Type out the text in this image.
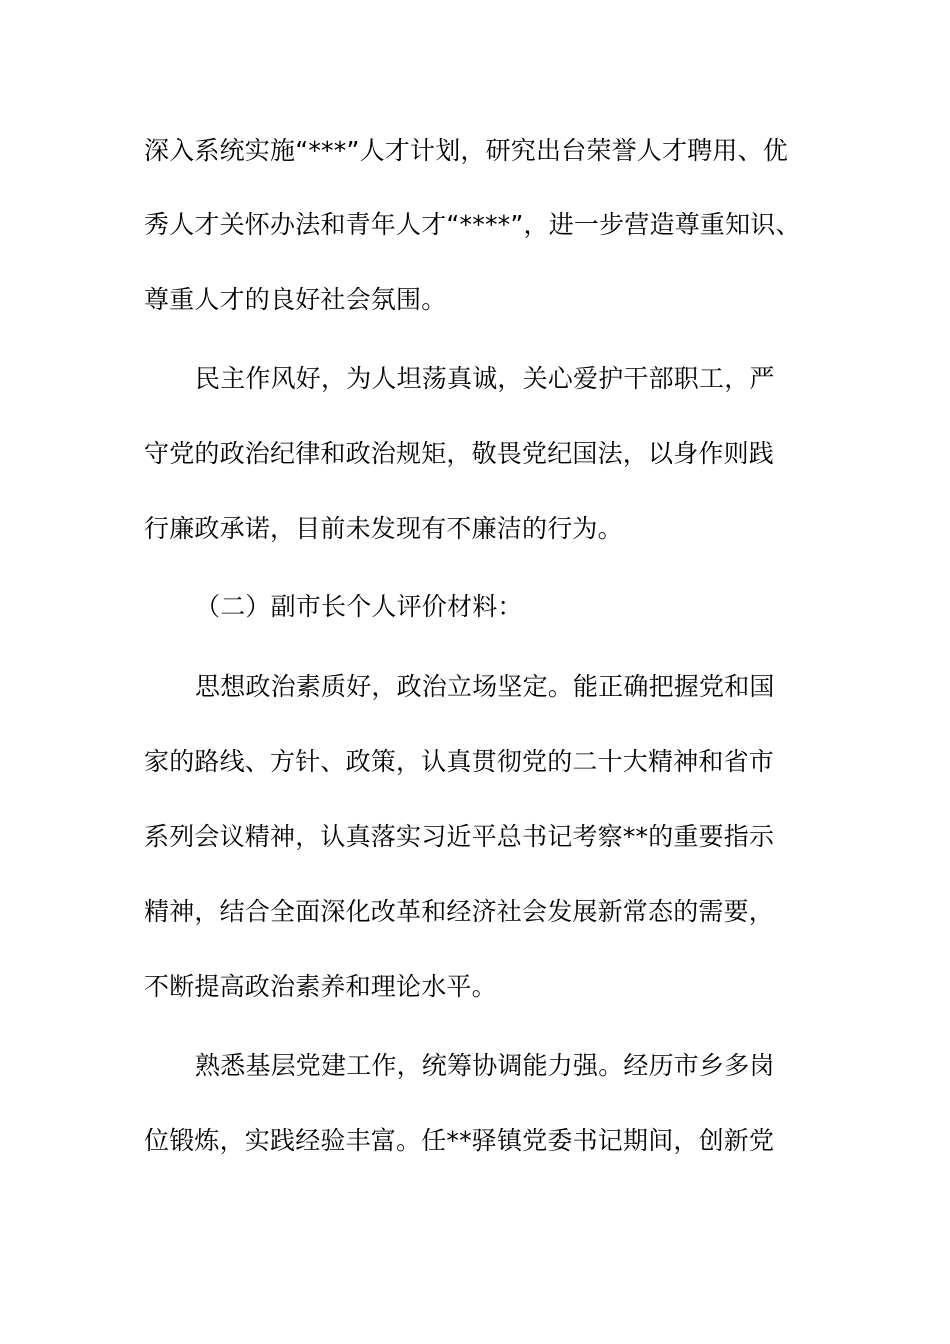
深入系统实施“***”人才计划，研究出台荣誉人才聘用、优
秀人才关怀办法和青年人才“****”，进一步营造尊重知识、
尊重人才的良好社会氛围。
民主作风好，为人坦荡真诚，关心爱护干部职工，严
守党的政治纪律和政治规矩，敬畏党纪国法，以身作则践
行廉政承诺，目前未发现有不廉洁的行为。
（二）副市长个人评价材料：
思想政治素质好，政治立场坚定。能正确把握党和国
家的路线、方针、政策，认真贯彻党的二十大精神和省市
系列会议精神，认真落实习近平总书记考察**的重要指示
精神，结合全面深化改革和经济社会发展新常态的需要，
不断提高政治素养和理论水平。
熟悉基层党建工作，统筹协调能力强。经历市乡多岗
位锻炼，实践经验丰富。任**驿镇党委书记期间，创新党
